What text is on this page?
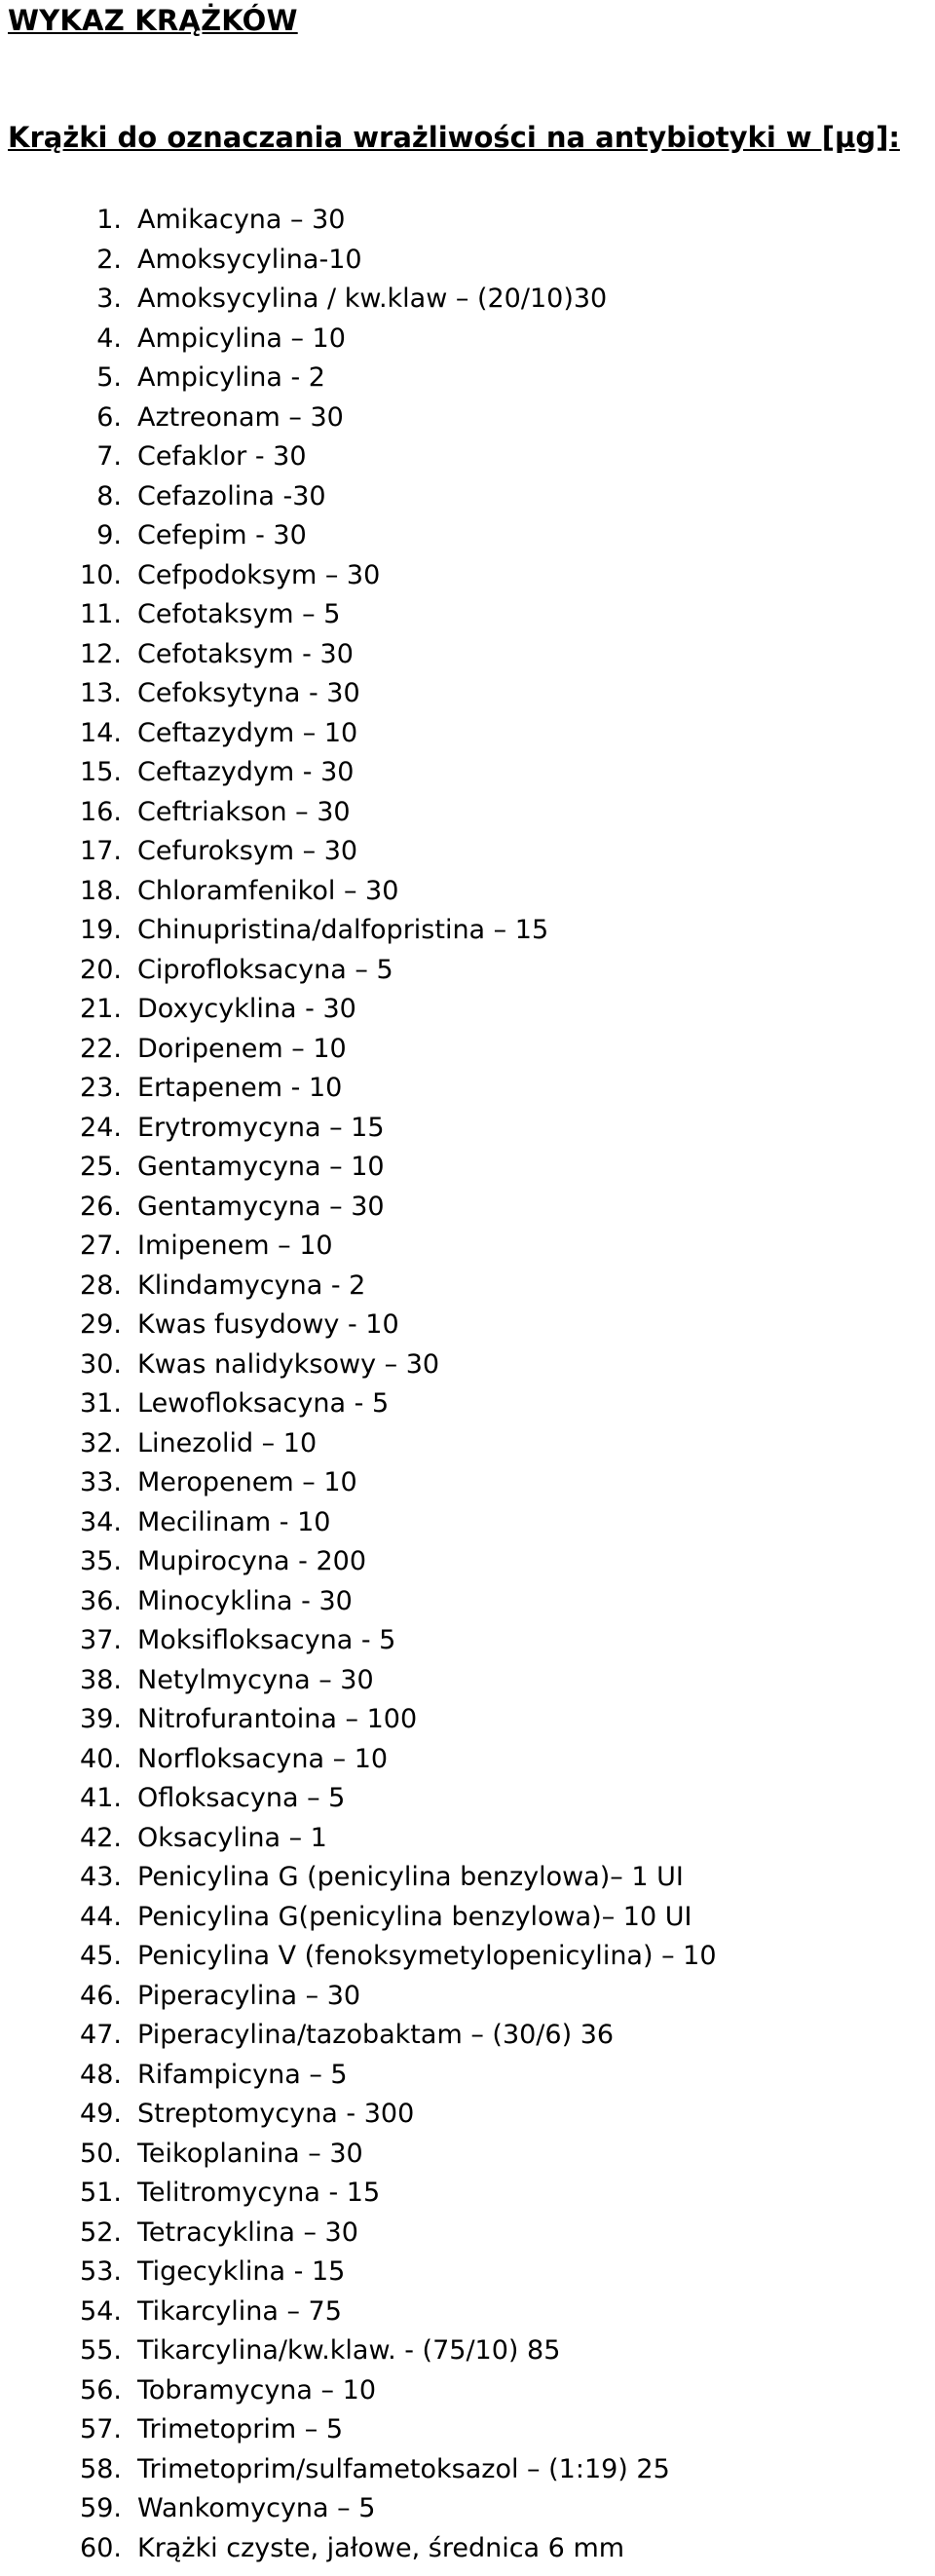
WYKAZ KRĄŻKÓW
Krążki do oznaczania wrażliwości na antybiotyki w [µg]:
1. Amikacyna – 30
2. Amoksycylina-10
3. Amoksycylina / kw.klaw – (20/10)30
4. Ampicylina – 10
5. Ampicylina - 2
6. Aztreonam – 30
7. Cefaklor - 30
8. Cefazolina -30
9. Cefepim - 30
10. Cefpodoksym – 30
11. Cefotaksym – 5
12. Cefotaksym - 30
13. Cefoksytyna - 30
14. Ceftazydym – 10
15. Ceftazydym - 30
16. Ceftriakson – 30
17. Cefuroksym – 30
18. Chloramfenikol – 30
19. Chinupristina/dalfopristina – 15
20. Ciprofloksacyna – 5
21. Doxycyklina - 30
22. Doripenem – 10
23. Ertapenem - 10
24. Erytromycyna – 15
25. Gentamycyna – 10
26. Gentamycyna – 30
27. Imipenem – 10
28. Klindamycyna - 2
29. Kwas fusydowy - 10
30. Kwas nalidyksowy – 30
31. Lewofloksacyna - 5
32. Linezolid – 10
33. Meropenem – 10
34. Mecilinam - 10
35. Mupirocyna - 200
36. Minocyklina - 30
37. Moksifloksacyna - 5
38. Netylmycyna – 30
39. Nitrofurantoina – 100
40. Norfloksacyna – 10
41. Ofloksacyna – 5
42. Oksacylina – 1
43. Penicylina G (penicylina benzylowa)– 1 UI
44. Penicylina G(penicylina benzylowa)– 10 UI
45. Penicylina V (fenoksymetylopenicylina) – 10
46. Piperacylina – 30
47. Piperacylina/tazobaktam – (30/6) 36
48. Rifampicyna – 5
49. Streptomycyna - 300
50. Teikoplanina – 30
51. Telitromycyna - 15
52. Tetracyklina – 30
53. Tigecyklina - 15
54. Tikarcylina – 75
55. Tikarcylina/kw.klaw. - (75/10) 85
56. Tobramycyna – 10
57. Trimetoprim – 5
58. Trimetoprim/sulfametoksazol – (1:19) 25
59. Wankomycyna – 5
60. Krążki czyste, jałowe, średnica 6 mm
